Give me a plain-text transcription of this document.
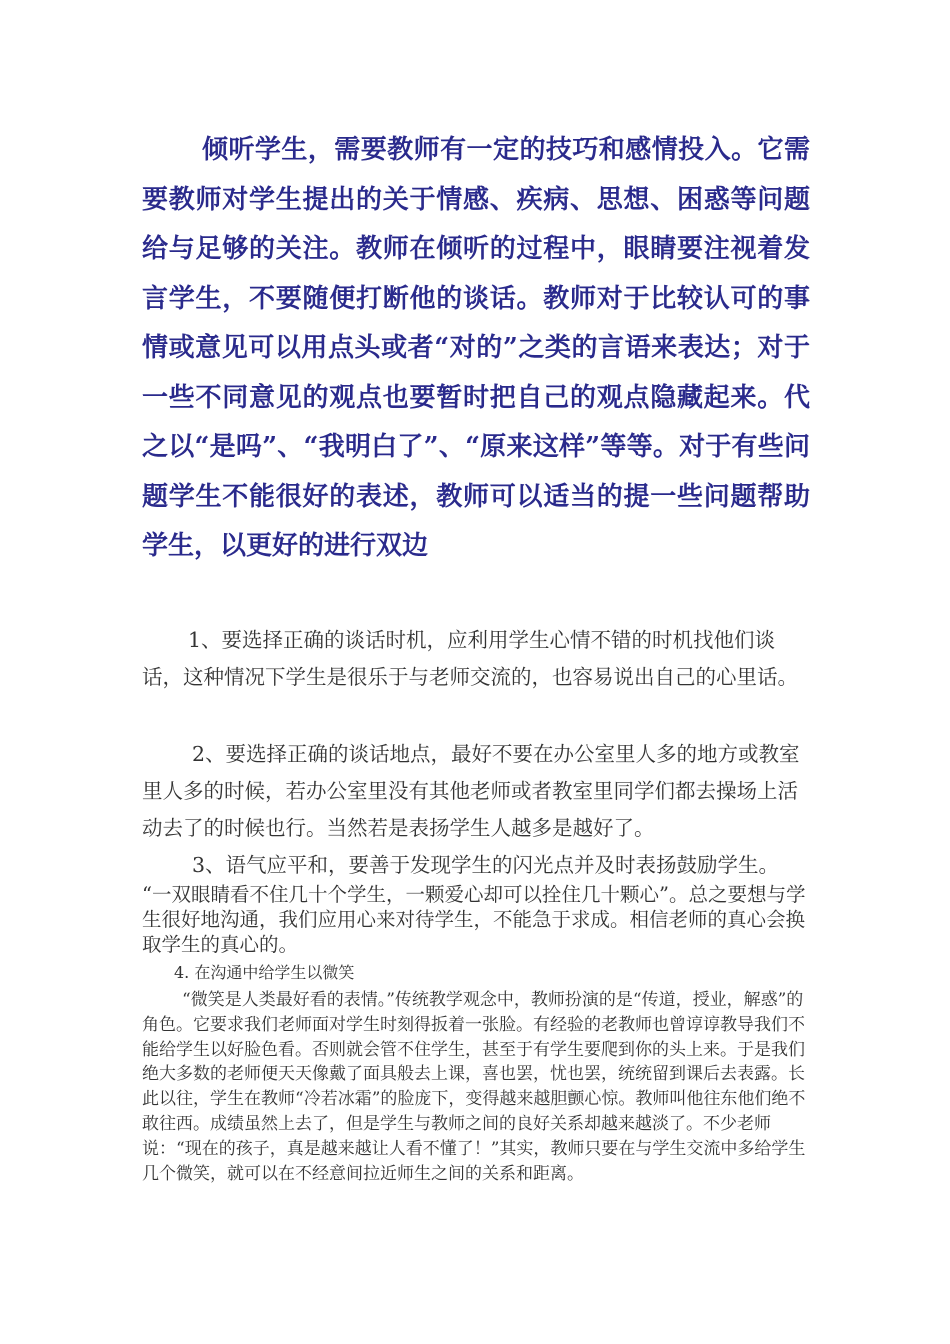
倾听学生，需要教师有一定的技巧和感情投入。它需要教师对学生提出的关于情感、疾病、思想、困惑等问题给与足够的关注。教师在倾听的过程中，眼睛要注视着发言学生，不要随便打断他的谈话。教师对于比较认可的事情或意见可以用点头或者“对的”之类的言语来表达；对于一些不同意见的观点也要暂时把自己的观点隐藏起来。代之以“是吗”、“我明白了”、“原来这样”等等。对于有些问题学生不能很好的表述，教师可以适当的提一些问题帮助学生，以更好的进行双边

1、要选择正确的谈话时机，应利用学生心情不错的时机找他们谈话，这种情况下学生是很乐于与老师交流的，也容易说出自己的心里话。

2、要选择正确的谈话地点，最好不要在办公室里人多的地方或教室里人多的时候，若办公室里没有其他老师或者教室里同学们都去操场上活动去了的时候也行。当然若是表扬学生人越多是越好了。

3、语气应平和，要善于发现学生的闪光点并及时表扬鼓励学生。

“一双眼睛看不住几十个学生，一颗爱心却可以拴住几十颗心”。总之要想与学生很好地沟通，我们应用心来对待学生，不能急于求成。相信老师的真心会换取学生的真心的。

4. 在沟通中给学生以微笑

“微笑是人类最好看的表情。”传统教学观念中，教师扮演的是“传道，授业，解惑”的角色。它要求我们老师面对学生时刻得扳着一张脸。有经验的老教师也曾谆谆教导我们不能给学生以好脸色看。否则就会管不住学生，甚至于有学生要爬到你的头上来。于是我们绝大多数的老师便天天像戴了面具般去上课，喜也罢，忧也罢，统统留到课后去表露。长此以往，学生在教师“冷若冰霜”的脸庞下，变得越来越胆颤心惊。教师叫他往东他们绝不敢往西。成绩虽然上去了，但是学生与教师之间的良好关系却越来越淡了。不少老师说：“现在的孩子，真是越来越让人看不懂了！”其实，教师只要在与学生交流中多给学生几个微笑，就可以在不经意间拉近师生之间的关系和距离。
